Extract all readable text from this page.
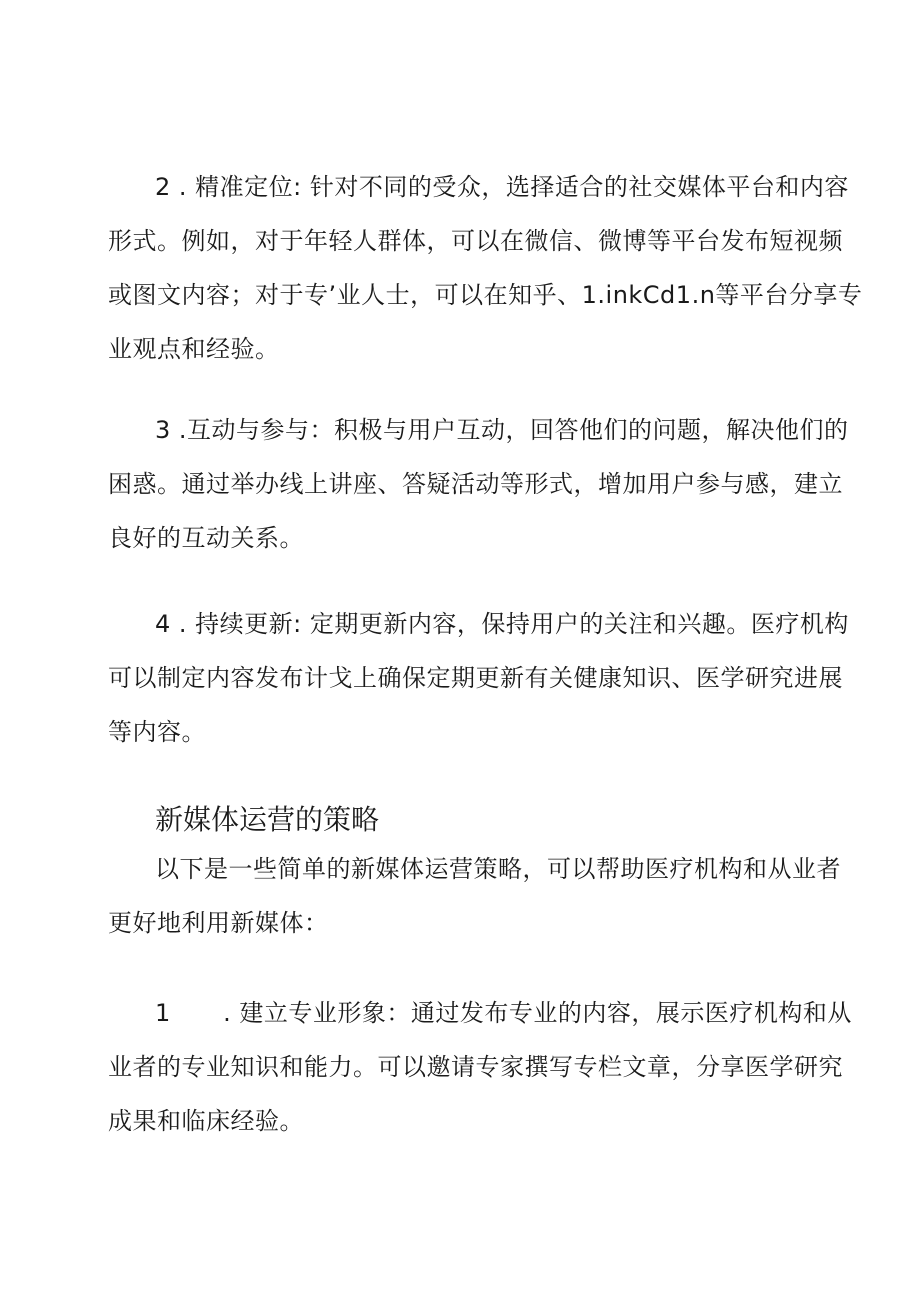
2 . 精准定位: 针对不同的受众，选择适合的社交媒体平台和内容
形式。例如，对于年轻人群体，可以在微信、微博等平台发布短视频
或图文内容；对于专’业人士，可以在知乎、1.inkCd1.n等平台分享专
业观点和经验。
3 .互动与参与：积极与用户互动，回答他们的问题，解决他们的
困惑。通过举办线上讲座、答疑活动等形式，增加用户参与感，建立
良好的互动关系。
4 . 持续更新: 定期更新内容，保持用户的关注和兴趣。医疗机构
可以制定内容发布计戈上确保定期更新有关健康知识、医学研究进展
等内容。
新媒体运营的策略
以下是一些简单的新媒体运营策略，可以帮助医疗机构和从业者
更好地利用新媒体：
1 . 建立专业形象：通过发布专业的内容，展示医疗机构和从
业者的专业知识和能力。可以邀请专家撰写专栏文章，分享医学研究
成果和临床经验。
